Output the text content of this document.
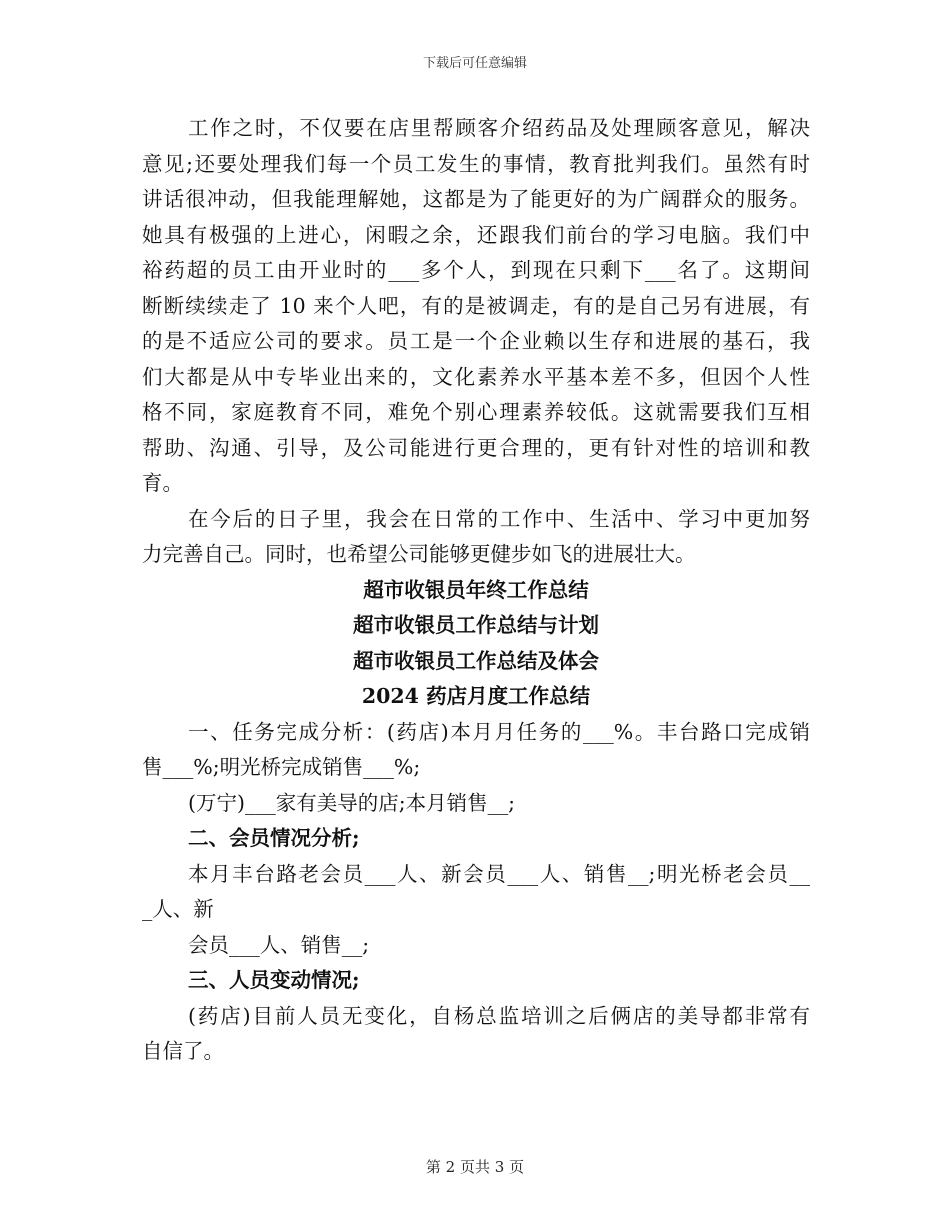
下载后可任意编辑
工作之时，不仅要在店里帮顾客介绍药品及处理顾客意见，解决
意见;还要处理我们每一个员工发生的事情，教育批判我们。虽然有时
讲话很冲动，但我能理解她，这都是为了能更好的为广阔群众的服务。
她具有极强的上进心，闲暇之余，还跟我们前台的学习电脑。我们中
裕药超的员工由开业时的___多个人，到现在只剩下___名了。这期间
断断续续走了 10 来个人吧，有的是被调走，有的是自己另有进展，有
的是不适应公司的要求。员工是一个企业赖以生存和进展的基石，我
们大都是从中专毕业出来的，文化素养水平基本差不多，但因个人性
格不同，家庭教育不同，难免个别心理素养较低。这就需要我们互相
帮助、沟通、引导，及公司能进行更合理的，更有针对性的培训和教
育。
在今后的日子里，我会在日常的工作中、生活中、学习中更加努
力完善自己。同时，也希望公司能够更健步如飞的进展壮大。
超市收银员年终工作总结
超市收银员工作总结与计划
超市收银员工作总结及体会
2024 药店月度工作总结
一、任务完成分析：(药店)本月月任务的___%。丰台路口完成销
售___%;明光桥完成销售___%;
(万宁)___家有美导的店;本月销售__;
二、会员情况分析;
本月丰台路老会员___人、新会员___人、销售__;明光桥老会员__
_人、新
会员___人、销售__;
三、人员变动情况;
(药店)目前人员无变化，自杨总监培训之后俩店的美导都非常有
自信了。
第 2 页共 3 页
